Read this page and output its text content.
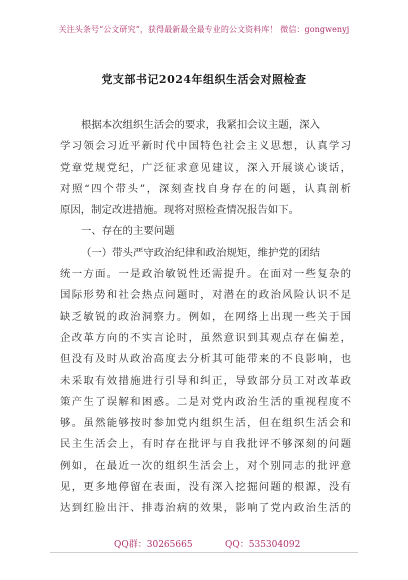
关注头条号“公文研究”，获得最新最全最专业的公文资料库！ 微信：gongwenyj
党支部书记2024年组织生活会对照检查
根据本次组织生活会的要求，我紧扣会议主题，深入
学习领会习近平新时代中国特色社会主义思想，认真学习
党章党规党纪，广泛征求意见建议，深入开展谈心谈话，
对照“四个带头”，深刻查找自身存在的问题，认真剖析
原因，制定改进措施。现将对照检查情况报告如下。
一、存在的主要问题
（一）带头严守政治纪律和政治规矩，维护党的团结
统一方面。一是政治敏锐性还需提升。在面对一些复杂的
国际形势和社会热点问题时，对潜在的政治风险认识不足
缺乏敏锐的政治洞察力。例如，在网络上出现一些关于国
企改革方向的不实言论时，虽然意识到其观点存在偏差，
但没有及时从政治高度去分析其可能带来的不良影响，也
未采取有效措施进行引导和纠正，导致部分员工对改革政
策产生了误解和困惑。二是对党内政治生活的重视程度不
够。虽然能够按时参加党内组织生活，但在组织生活会和
民主生活会上，有时存在批评与自我批评不够深刻的问题
例如，在最近一次的组织生活会上，对个别同志的批评意
见，更多地停留在表面，没有深入挖掘问题的根源，没有
达到红脸出汗、排毒治病的效果，影响了党内政治生活的
QQ群：30265665	QQ：535304092
